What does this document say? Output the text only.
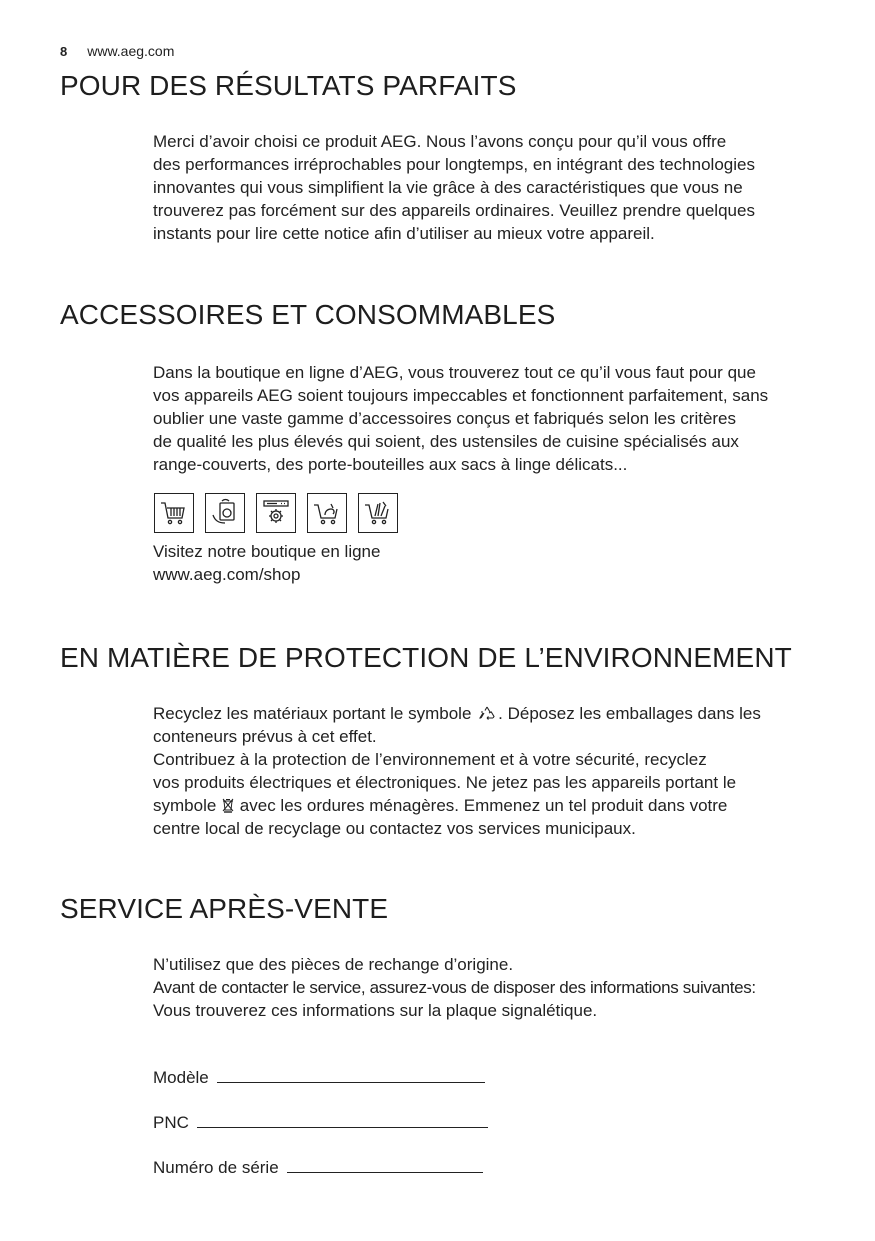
8 www.aeg.com
POUR DES RÉSULTATS PARFAITS

Merci d’avoir choisi ce produit AEG. Nous l’avons conçu pour qu’il vous offre
des performances irréprochables pour longtemps, en intégrant des technologies
innovantes qui vous simplifient la vie grâce à des caractéristiques que vous ne
trouverez pas forcément sur des appareils ordinaires. Veuillez prendre quelques
instants pour lire cette notice afin d’utiliser au mieux votre appareil.

ACCESSOIRES ET CONSOMMABLES

Dans la boutique en ligne d’AEG, vous trouverez tout ce qu’il vous faut pour que
vos appareils AEG soient toujours impeccables et fonctionnent parfaitement, sans
oublier une vaste gamme d’accessoires conçus et fabriqués selon les critères
de qualité les plus élevés qui soient, des ustensiles de cuisine spécialisés aux
range-couverts, des porte-bouteilles aux sacs à linge délicats...

Visitez notre boutique en ligne
www.aeg.com/shop

EN MATIÈRE DE PROTECTION DE L’ENVIRONNEMENT

Recyclez les matériaux portant le symbole . Déposez les emballages dans les
conteneurs prévus à cet effet.
Contribuez à la protection de l’environnement et à votre sécurité, recyclez
vos produits électriques et électroniques. Ne jetez pas les appareils portant le
symbole avec les ordures ménagères. Emmenez un tel produit dans votre
centre local de recyclage ou contactez vos services municipaux.

SERVICE APRÈS-VENTE

N’utilisez que des pièces de rechange d’origine.
Avant de contacter le service, assurez-vous de disposer des informations suivantes:
Vous trouverez ces informations sur la plaque signalétique.

Modèle
PNC
Numéro de série
